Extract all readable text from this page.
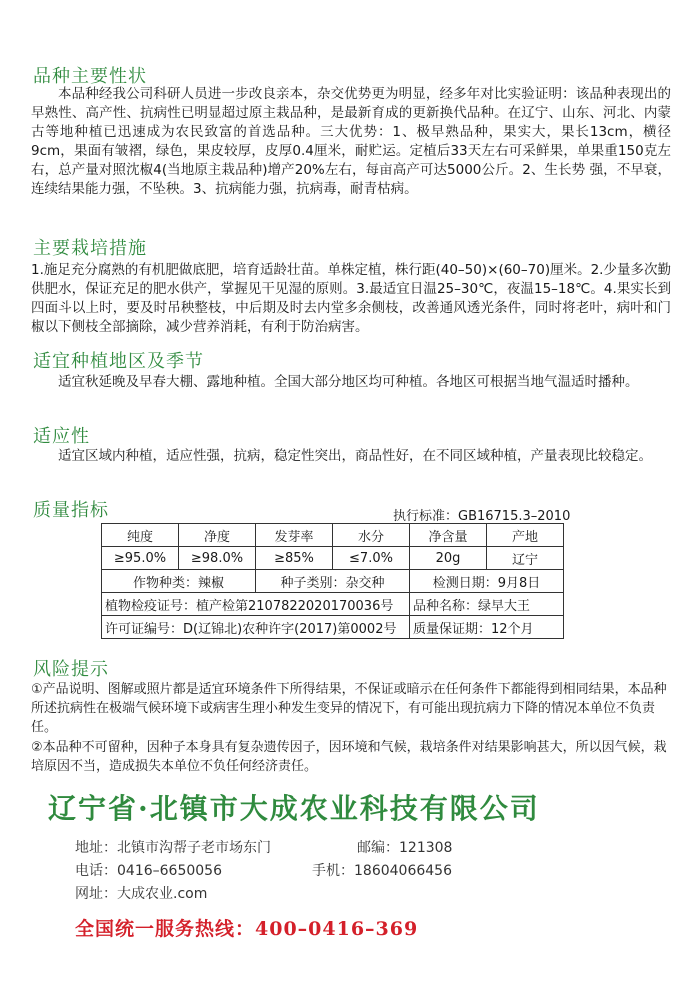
品种主要性状

本品种经我公司科研人员进一步改良亲本，杂交优势更为明显，经多年对比实验证明：该品种表现出的早熟性、高产性、抗病性已明显超过原主栽品种，是最新育成的更新换代品种。在辽宁、山东、河北、内蒙古等地种植已迅速成为农民致富的首选品种。三大优势：1、极早熟品种，果实大，果长13cm，横径9cm，果面有皱褶，绿色，果皮较厚，皮厚0.4厘米，耐贮运。定植后33天左右可采鲜果，单果重150克左右，总产量对照沈椒4(当地原主栽品种)增产20%左右，每亩高产可达5000公斤。2、生长势 强，不早衰，连续结果能力强，不坠秧。3、抗病能力强，抗病毒，耐青枯病。

主要栽培措施

1.施足充分腐熟的有机肥做底肥，培育适龄壮苗。单株定植，株行距(40–50)×(60–70)厘米。2.少量多次勤供肥水，保证充足的肥水供产，掌握见干见湿的原则。3.最适宜日温25–30℃，夜温15–18℃。4.果实长到四面斗以上时，要及时吊秧整枝，中后期及时去内堂多余侧枝，改善通风透光条件，同时将老叶，病叶和门椒以下侧枝全部摘除，减少营养消耗，有利于防治病害。

适宜种植地区及季节

适宜秋延晚及早春大棚、露地种植。全国大部分地区均可种植。各地区可根据当地气温适时播种。

适应性

适宜区域内种植，适应性强，抗病，稳定性突出，商品性好，在不同区域种植，产量表现比较稳定。

质量指标	执行标准：GB16715.3–2010
纯度	净度	发芽率	水分	净含量	产地
≥95.0%	≥98.0%	≥85%	≤7.0%	20g	辽宁
作物种类：辣椒		种子类别：杂交种		检测日期：9月8日	
植物检疫证号：植产检第2107822020170036号				品种名称：绿早大王	
许可证编号：D(辽锦北)农种许字(2017)第0002号				质量保证期：12个月	
风险提示

①产品说明、图解或照片都是适宜环境条件下所得结果，不保证或暗示在任何条件下都能得到相同结果，本品种所述抗病性在极端气候环境下或病害生理小种发生变异的情况下，有可能出现抗病力下降的情况本单位不负责任。

②本品种不可留种，因种子本身具有复杂遗传因子，因环境和气候，栽培条件对结果影响甚大，所以因气候，栽培原因不当，造成损失本单位不负任何经济责任。

辽宁省·北镇市大成农业科技有限公司
地址：北镇市沟帮子老市场东门	邮编：121308
电话：0416–6650056	手机：18604066456
网址：大成农业.com
全国统一服务热线：400–0416–369
